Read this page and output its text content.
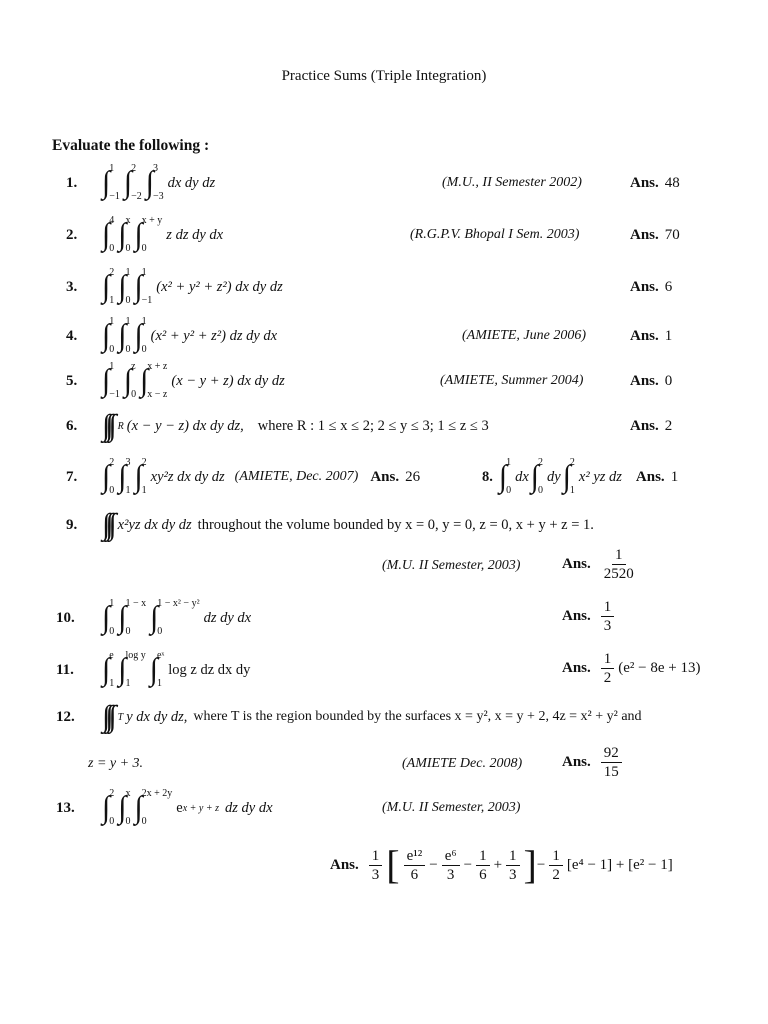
Practice Sums (Triple Integration)
Evaluate the following :
1. ∫ 1
−1 ∫ 2
−2 ∫ 3
−3
dx dy dz	(M.U., II Semester 2002)	Ans. 48
2. ∫ 4
0 ∫ x
0 ∫ x + y
0
z dz dy dx	(R.G.P.V. Bhopal I Sem. 2003)	Ans. 70
3. ∫ 2
1 ∫ 1
0 ∫ 1
−1
(x² + y² + z²) dx dy dz	Ans. 6
4. ∫ 1
0 ∫ 1
0 ∫ 1
0
(x² + y² + z²) dz dy dx	(AMIETE, June 2006)	Ans. 1
5. ∫ 1
−1 ∫ z
0 ∫ x + z
x − z
(x − y + z) dx dy dz	(AMIETE, Summer 2004)	Ans. 0
6. ∫∫∫ R (x − y − z) dx dy dz, where R : 1 ≤ x ≤ 2; 2 ≤ y ≤ 3; 1 ≤ z ≤ 3	Ans. 2
7. ∫ 2
0 ∫ 3
1 ∫ 2
1
xy²z dx dy dz (AMIETE, Dec. 2007) Ans. 26	8. ∫ 1
0
dx ∫ 2
0
dy ∫ 2
1
x² yz dz Ans. 1
9. ∫∫∫ x²yz dx dy dz throughout the volume bounded by x = 0, y = 0, z = 0, x + y + z = 1.
(M.U. II Semester, 2003)	Ans. $\frac{1}{2520}$
10. ∫ 1
0 ∫ 1 − x
0 ∫ 1 − x² − y²
0
dz dy dx	Ans. $\frac{1}{3}$
11. ∫ e
1 ∫ log y
1 ∫ eˣ
1
log z dz dx dy	Ans. $\frac{1}{2} (e^2 - 8e + 13)$
12. ∫∫∫ T y dx dy dz, where T is the region bounded by the surfaces x = y², x = y + 2, 4z = x² + y² and
z = y + 3.	(AMIETE Dec. 2008)	Ans. $\frac{92}{15}$
13. ∫ 2
0 ∫ x
0 ∫ 2x + 2y
0
e x + y + z dz dy dx	(M.U. II Semester, 2003)
Ans. $\frac{1}{3}$ [ $\frac{\text{e¹²}}{6} - \frac{\text{e⁶}}{3} - \frac{1}{6} + \frac{1}{3}$ ] − $\frac{1}{2} [e^4 - 1] + [e^2 - 1]$
